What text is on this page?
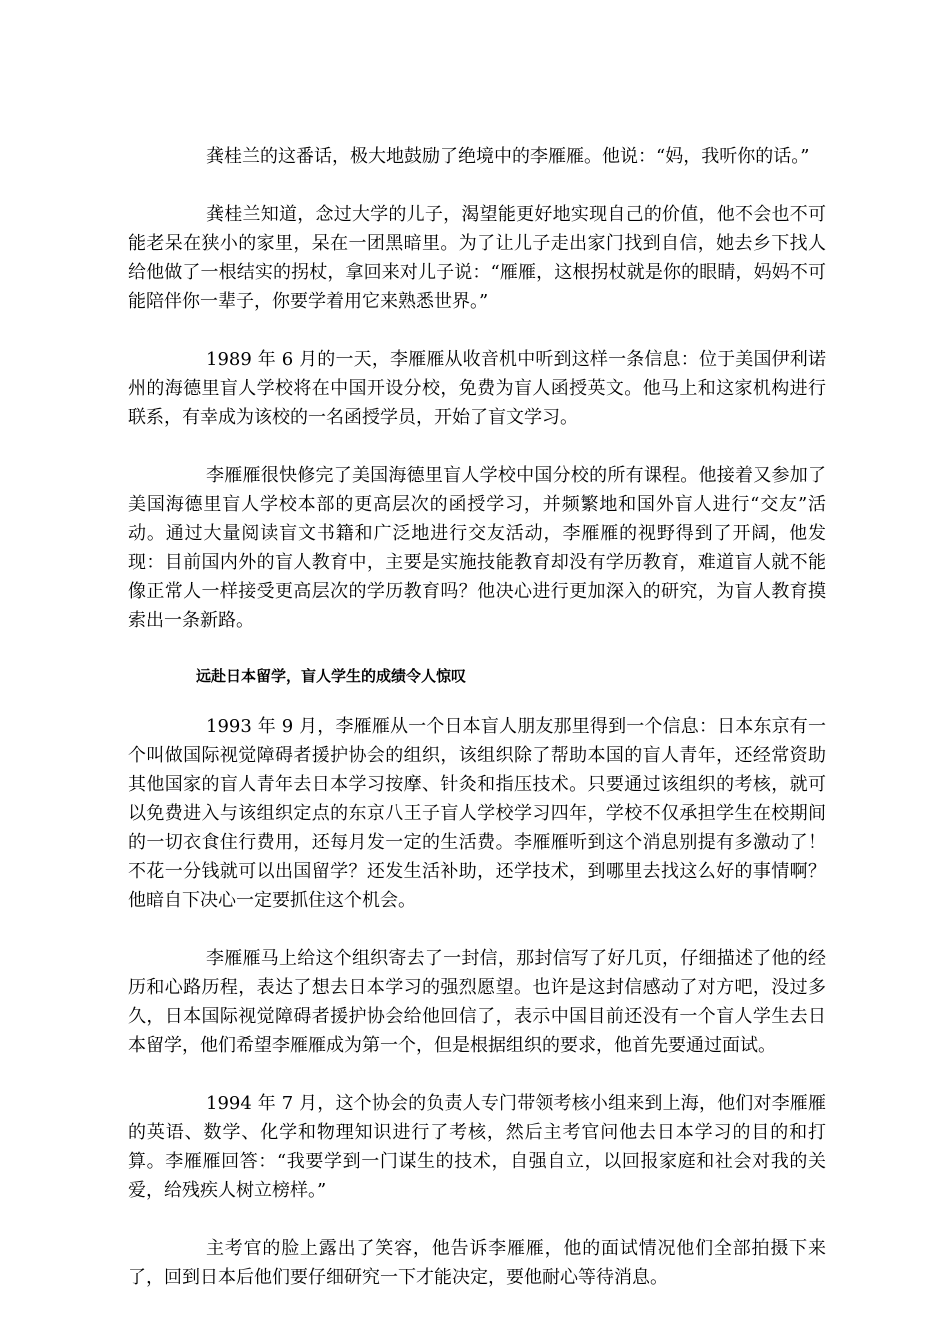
龚桂兰的这番话，极大地鼓励了绝境中的李雁雁。他说：“妈，我听你的话。”

龚桂兰知道，念过大学的儿子，渴望能更好地实现自己的价值，他不会也不可能老呆在狭小的家里，呆在一团黑暗里。为了让儿子走出家门找到自信，她去乡下找人给他做了一根结实的拐杖，拿回来对儿子说：“雁雁，这根拐杖就是你的眼睛，妈妈不可能陪伴你一辈子，你要学着用它来熟悉世界。”

1989 年 6 月的一天，李雁雁从收音机中听到这样一条信息：位于美国伊利诺州的海德里盲人学校将在中国开设分校，免费为盲人函授英文。他马上和这家机构进行联系，有幸成为该校的一名函授学员，开始了盲文学习。

李雁雁很快修完了美国海德里盲人学校中国分校的所有课程。他接着又参加了美国海德里盲人学校本部的更高层次的函授学习，并频繁地和国外盲人进行“交友”活动。通过大量阅读盲文书籍和广泛地进行交友活动，李雁雁的视野得到了开阔，他发现：目前国内外的盲人教育中，主要是实施技能教育却没有学历教育，难道盲人就不能像正常人一样接受更高层次的学历教育吗？他决心进行更加深入的研究，为盲人教育摸索出一条新路。

远赴日本留学，盲人学生的成绩令人惊叹

1993 年 9 月，李雁雁从一个日本盲人朋友那里得到一个信息：日本东京有一个叫做国际视觉障碍者援护协会的组织，该组织除了帮助本国的盲人青年，还经常资助其他国家的盲人青年去日本学习按摩、针灸和指压技术。只要通过该组织的考核，就可以免费进入与该组织定点的东京八王子盲人学校学习四年，学校不仅承担学生在校期间的一切衣食住行费用，还每月发一定的生活费。李雁雁听到这个消息别提有多激动了！不花一分钱就可以出国留学？还发生活补助，还学技术，到哪里去找这么好的事情啊？他暗自下决心一定要抓住这个机会。

李雁雁马上给这个组织寄去了一封信，那封信写了好几页，仔细描述了他的经历和心路历程，表达了想去日本学习的强烈愿望。也许是这封信感动了对方吧，没过多久，日本国际视觉障碍者援护协会给他回信了，表示中国目前还没有一个盲人学生去日本留学，他们希望李雁雁成为第一个，但是根据组织的要求，他首先要通过面试。

1994 年 7 月，这个协会的负责人专门带领考核小组来到上海，他们对李雁雁的英语、数学、化学和物理知识进行了考核，然后主考官问他去日本学习的目的和打算。李雁雁回答：“我要学到一门谋生的技术，自强自立，以回报家庭和社会对我的关爱，给残疾人树立榜样。”

主考官的脸上露出了笑容，他告诉李雁雁，他的面试情况他们全部拍摄下来了，回到日本后他们要仔细研究一下才能决定，要他耐心等待消息。
